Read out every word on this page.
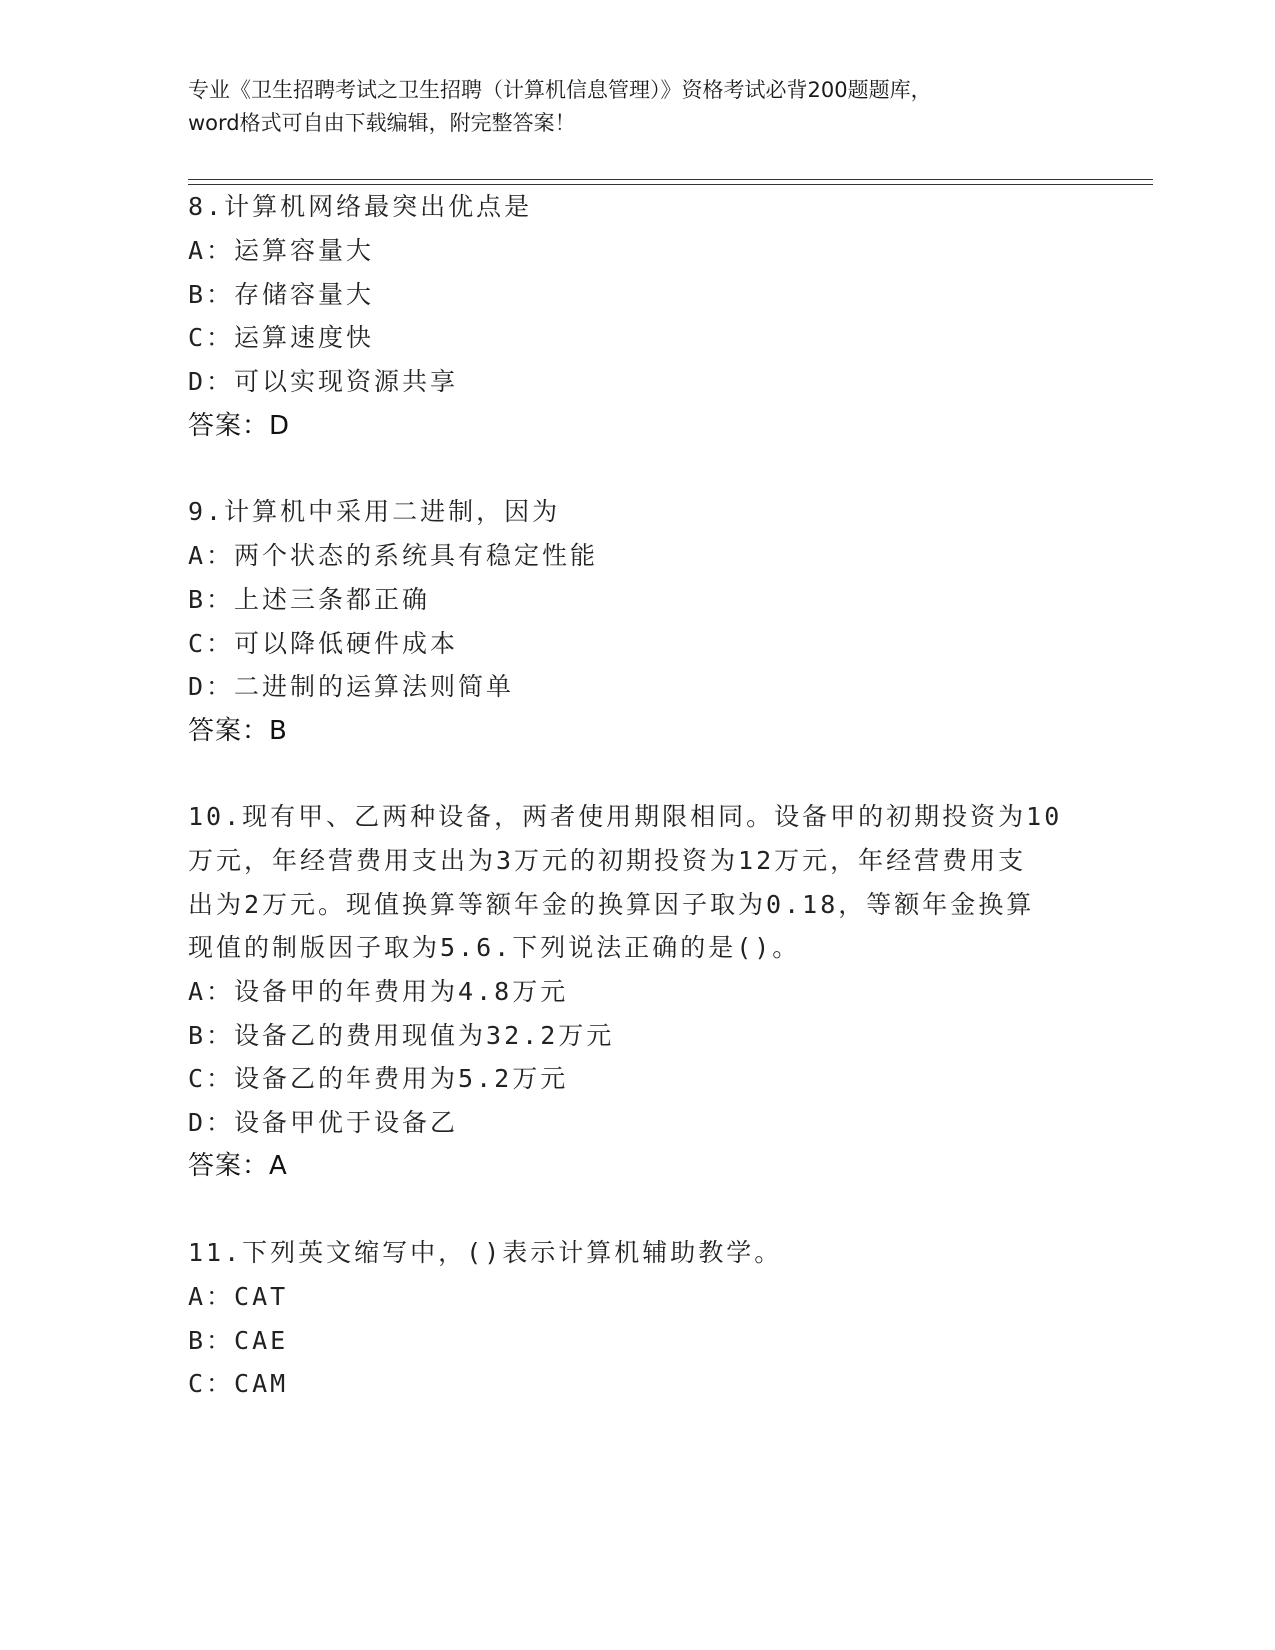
专业《卫生招聘考试之卫生招聘（计算机信息管理）》资格考试必背200题题库，
word格式可自由下载编辑，附完整答案！
8.计算机网络最突出优点是
A：运算容量大
B：存储容量大
C：运算速度快
D：可以实现资源共享
答案：D
9.计算机中采用二进制，因为
A：两个状态的系统具有稳定性能
B：上述三条都正确
C：可以降低硬件成本
D：二进制的运算法则简单
答案：B
10.现有甲、乙两种设备，两者使用期限相同。设备甲的初期投资为10
万元，年经营费用支出为3万元的初期投资为12万元，年经营费用支
出为2万元。现值换算等额年金的换算因子取为0.18，等额年金换算
现值的制版因子取为5.6.下列说法正确的是()。
A：设备甲的年费用为4.8万元
B：设备乙的费用现值为32.2万元
C：设备乙的年费用为5.2万元
D：设备甲优于设备乙
答案：A
11.下列英文缩写中，()表示计算机辅助教学。
A：CAT
B：CAE
C：CAM
